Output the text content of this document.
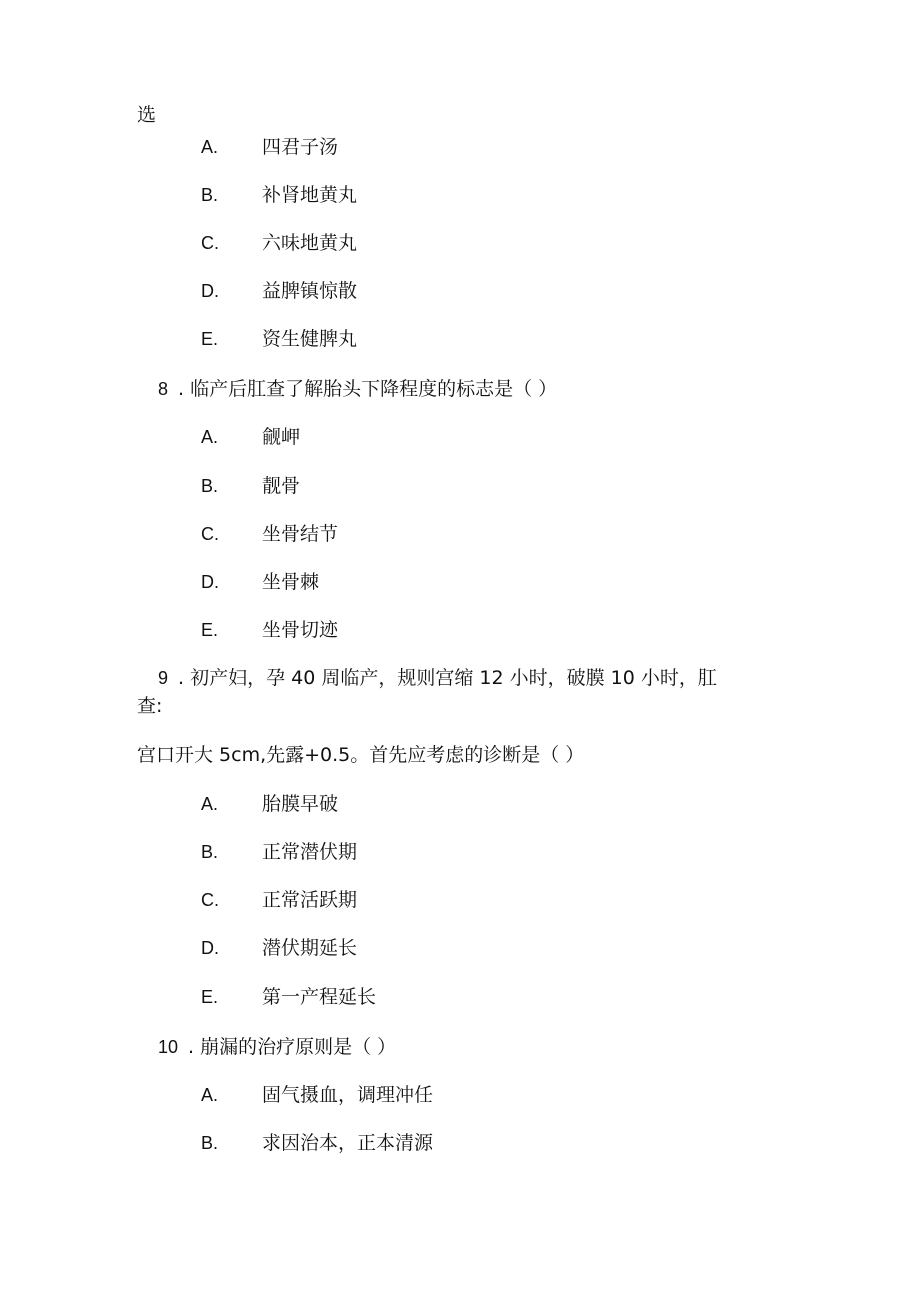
选
A.	四君子汤
B.	补肾地黄丸
C.	六味地黄丸
D.	益脾镇惊散
E.	资生健脾丸
8 . 临产后肛查了解胎头下降程度的标志是（ ）
A.	觎岬
B.	靓骨
C.	坐骨结节
D.	坐骨棘
E.	坐骨切迹
9 . 初产妇，孕 40 周临产，规则宫缩 12 小时，破膜 10 小时，肛
查:
宫口开大 5cm,先露+0.5。首先应考虑的诊断是（ ）
A.	胎膜早破
B.	正常潜伏期
C.	正常活跃期
D.	潜伏期延长
E.	第一产程延长
10 . 崩漏的治疗原则是（ ）
A.	固气摄血，调理冲任
B.	求因治本，正本清源
